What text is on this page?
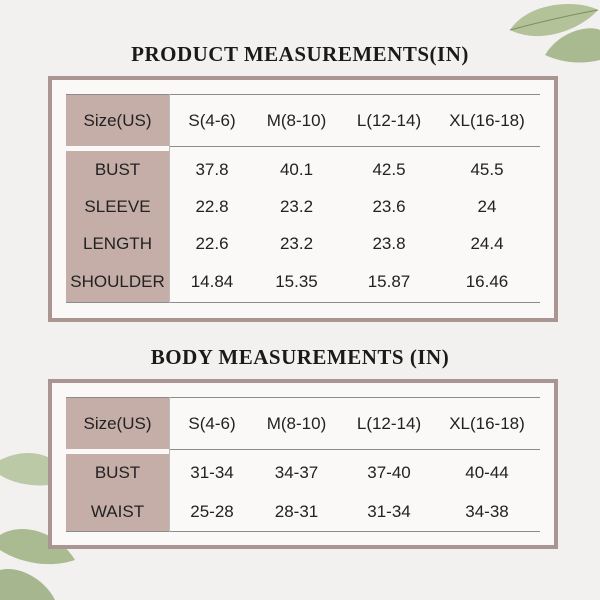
PRODUCT MEASUREMENTS(IN)
Size(US)	S(4-6)	M(8-10)	L(12-14)	XL(16-18)
BUST	37.8	40.1	42.5	45.5
SLEEVE	22.8	23.2	23.6	24
LENGTH	22.6	23.2	23.8	24.4
SHOULDER	14.84	15.35	15.87	16.46
BODY MEASUREMENTS (IN)
Size(US)	S(4-6)	M(8-10)	L(12-14)	XL(16-18)
BUST	31-34	34-37	37-40	40-44
WAIST	25-28	28-31	31-34	34-38
